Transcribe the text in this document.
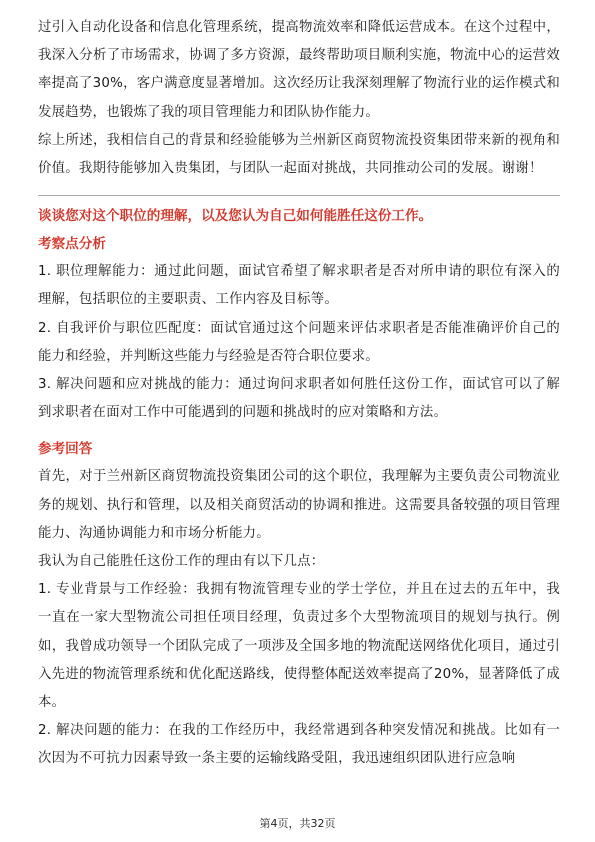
过引入自动化设备和信息化管理系统，提高物流效率和降低运营成本。在这个过程中，我深入分析了市场需求，协调了多方资源，最终帮助项目顺利实施，物流中心的运营效率提高了30%，客户满意度显著增加。这次经历让我深刻理解了物流行业的运作模式和发展趋势，也锻炼了我的项目管理能力和团队协作能力。

综上所述，我相信自己的背景和经验能够为兰州新区商贸物流投资集团带来新的视角和价值。我期待能够加入贵集团，与团队一起面对挑战，共同推动公司的发展。谢谢！

谈谈您对这个职位的理解，以及您认为自己如何能胜任这份工作。
考察点分析

1. 职位理解能力：通过此问题，面试官希望了解求职者是否对所申请的职位有深入的理解，包括职位的主要职责、工作内容及目标等。

2. 自我评价与职位匹配度：面试官通过这个问题来评估求职者是否能准确评价自己的能力和经验，并判断这些能力与经验是否符合职位要求。

3. 解决问题和应对挑战的能力：通过询问求职者如何胜任这份工作，面试官可以了解到求职者在面对工作中可能遇到的问题和挑战时的应对策略和方法。

参考回答

首先，对于兰州新区商贸物流投资集团公司的这个职位，我理解为主要负责公司物流业务的规划、执行和管理，以及相关商贸活动的协调和推进。这需要具备较强的项目管理能力、沟通协调能力和市场分析能力。

我认为自己能胜任这份工作的理由有以下几点：

1. 专业背景与工作经验：我拥有物流管理专业的学士学位，并且在过去的五年中，我一直在一家大型物流公司担任项目经理，负责过多个大型物流项目的规划与执行。例如，我曾成功领导一个团队完成了一项涉及全国多地的物流配送网络优化项目，通过引入先进的物流管理系统和优化配送路线，使得整体配送效率提高了20%，显著降低了成本。

2. 解决问题的能力：在我的工作经历中，我经常遇到各种突发情况和挑战。比如有一次因为不可抗力因素导致一条主要的运输线路受阻，我迅速组织团队进行应急响

第4页，共32页
